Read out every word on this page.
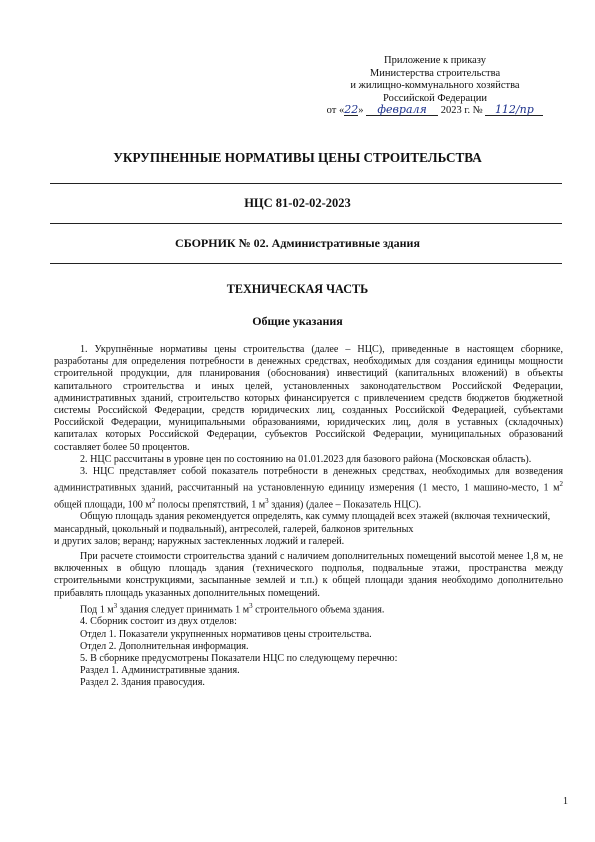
Приложение к приказу
Министерства строительства
и жилищно-коммунального хозяйства
Российской Федерации
от «22» февраля 2023 г. № 112/пр
УКРУПНЕННЫЕ НОРМАТИВЫ ЦЕНЫ СТРОИТЕЛЬСТВА
НЦС 81-02-02-2023
СБОРНИК № 02. Административные здания
ТЕХНИЧЕСКАЯ ЧАСТЬ
Общие указания

1. Укрупнённые нормативы цены строительства (далее – НЦС), приведенные в настоящем сборнике, разработаны для определения потребности в денежных средствах, необходимых для создания единицы мощности строительной продукции, для планирования (обоснования) инвестиций (капитальных вложений) в объекты капитального строительства и иных целей, установленных законодательством Российской Федерации, административных зданий, строительство которых финансируется с привлечением средств бюджетов бюджетной системы Российской Федерации, средств юридических лиц, созданных Российской Федерацией, субъектами Российской Федерации, муниципальными образованиями, юридических лиц, доля в уставных (складочных) капиталах которых Российской Федерации, субъектов Российской Федерации, муниципальных образований составляет более 50 процентов.

2. НЦС рассчитаны в уровне цен по состоянию на 01.01.2023 для базового района (Московская область).

3. НЦС представляет собой показатель потребности в денежных средствах, необходимых для возведения административных зданий, рассчитанный на установленную единицу измерения (1 место, 1 машино-место, 1 $м^2$ общей площади, 100 $м^2$ полосы препятствий, 1 $м^3$ здания) (далее – Показатель НЦС).

Общую площадь здания рекомендуется определять, как сумму площадей всех этажей (включая технический, мансардный, цокольный и подвальный), антресолей, галерей, балконов зрительных

и других залов; веранд; наружных застекленных лоджий и галерей.

При расчете стоимости строительства зданий с наличием дополнительных помещений высотой менее 1,8 м, не включенных в общую площадь здания (технического подполья, подвальные этажи, пространства между строительными конструкциями, засыпанные землей и т.п.) к общей площади здания необходимо дополнительно прибавлять площадь указанных дополнительных помещений.

Под 1 $м^3$ здания следует принимать 1 $м^3$ строительного объема здания.

4. Сборник состоит из двух отделов:

Отдел 1. Показатели укрупненных нормативов цены строительства.

Отдел 2. Дополнительная информация.

5. В сборнике предусмотрены Показатели НЦС по следующему перечню:

Раздел 1. Административные здания.

Раздел 2. Здания правосудия.

1
